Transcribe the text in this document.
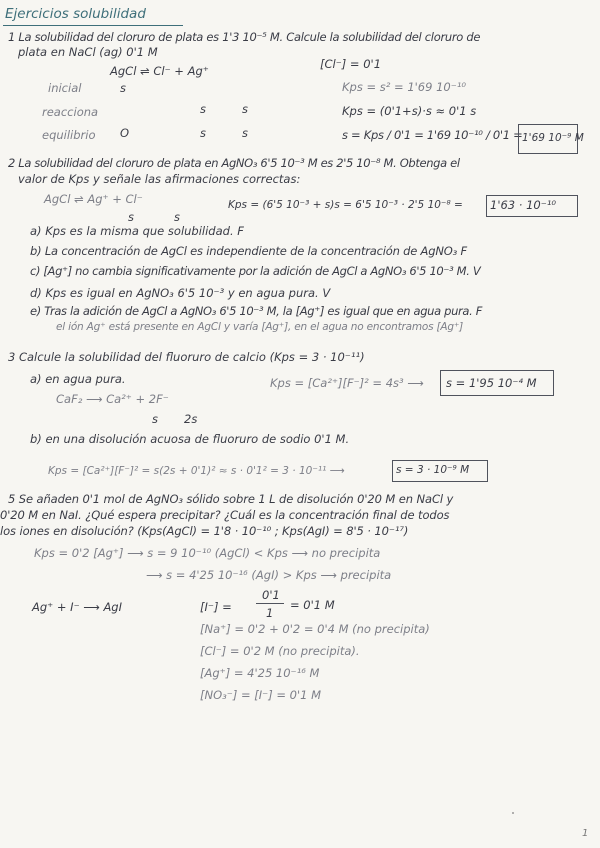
Ejercicios solubilidad
1 La solubilidad del cloruro de plata es 1'3 10⁻⁵ M. Calcule la solubilidad del cloruro de
plata en NaCl (ag) 0'1 M
AgCl ⇌ Cl⁻ + Ag⁺	[Cl⁻] = 0'1
inicial	s	Kps = s² = 1'69 10⁻¹⁰
reacciona	s	s	Kps = (0'1+s)·s ≈ 0'1 s
equilibrio O	s	s	s = Kps / 0'1 = 1'69 10⁻¹⁰ / 0'1 = 1'69 10⁻⁹ M
2 La solubilidad del cloruro de plata en AgNO₃ 6'5 10⁻³ M es 2'5 10⁻⁸ M. Obtenga el
valor de Kps y señale las afirmaciones correctas:
AgCl ⇌ Ag⁺ + Cl⁻	Kps = (6'5 10⁻³ + s)s = 6'5 10⁻³ · 2'5 10⁻⁸ = 1'63 · 10⁻¹⁰
s	s
a) Kps es la misma que solubilidad. F
b) La concentración de AgCl es independiente de la concentración de AgNO₃ F
c) [Ag⁺] no cambia significativamente por la adición de AgCl a AgNO₃ 6'5 10⁻³ M. V
d) Kps es igual en AgNO₃ 6'5 10⁻³ y en agua pura. V
e) Tras la adición de AgCl a AgNO₃ 6'5 10⁻³ M, la [Ag⁺] es igual que en agua pura. F
el ión Ag⁺ está presente en AgCl y varía [Ag⁺], en el agua no encontramos [Ag⁺]
3 Calcule la solubilidad del fluoruro de calcio (Kps = 3 · 10⁻¹¹)
a) en agua pura.	Kps = [Ca²⁺][F⁻]² = 4s³ ⟶ s = 1'95 10⁻⁴ M
CaF₂ ⟶ Ca²⁺ + 2F⁻
s 2s
b) en una disolución acuosa de fluoruro de sodio 0'1 M.
Kps = [Ca²⁺][F⁻]² = s(2s + 0'1)² ≈ s · 0'1² = 3 · 10⁻¹¹ ⟶	s = 3 · 10⁻⁹ M
5 Se añaden 0'1 mol de AgNO₃ sólido sobre 1 L de disolución 0'20 M en NaCl y
0'20 M en NaI. ¿Qué espera precipitar? ¿Cuál es la concentración final de todos
los iones en disolución? (Kps(AgCl) = 1'8 · 10⁻¹⁰ ; Kps(AgI) = 8'5 · 10⁻¹⁷)
Kps = 0'2 [Ag⁺] ⟶ s = 9 10⁻¹⁰ (AgCl) < Kps ⟶ no precipita
⟶ s = 4'25 10⁻¹⁶ (AgI) > Kps ⟶ precipita
Ag⁺ + I⁻ ⟶ AgI	[I⁻] =
0'1
1
= 0'1 M
[Na⁺] = 0'2 + 0'2 = 0'4 M (no precipita)
[Cl⁻] = 0'2 M (no precipita).
[Ag⁺] = 4'25 10⁻¹⁶ M
[NO₃⁻] = [I⁻] = 0'1 M
1
